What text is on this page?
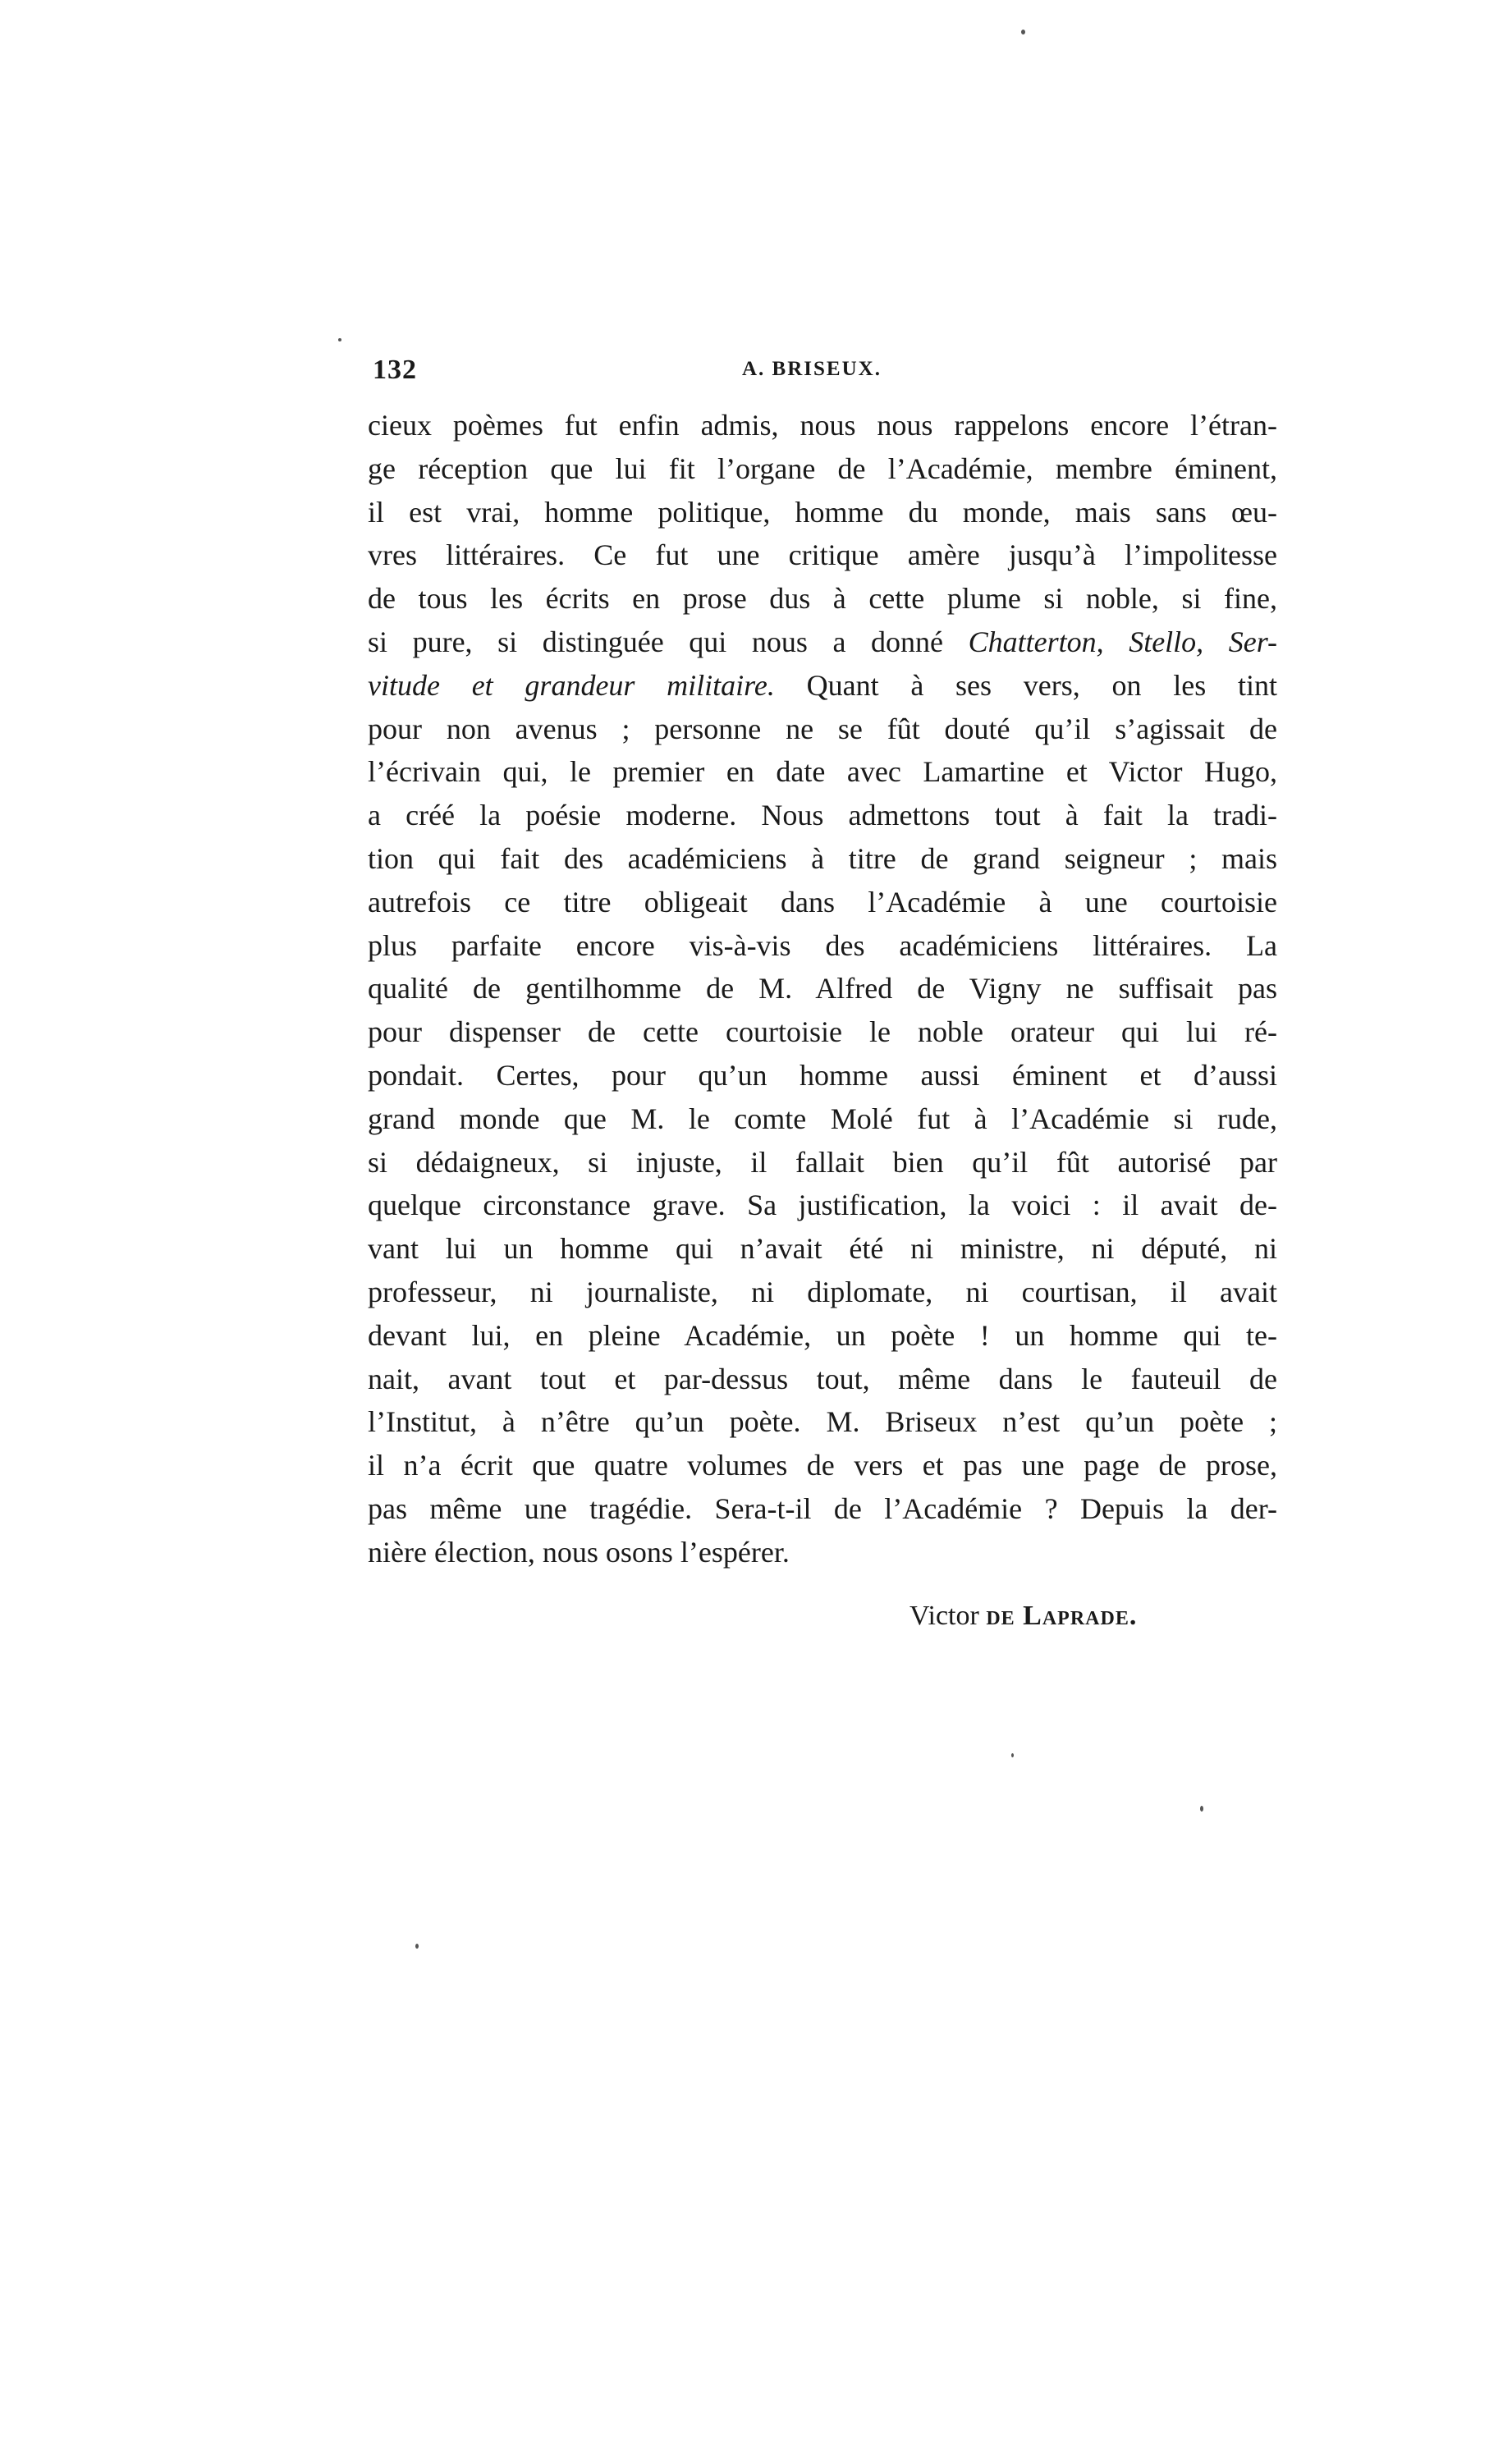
132	A. BRISEUX.
cieux poèmes fut enfin admis, nous nous rappelons encore l’étran-
ge réception que lui fit l’organe de l’Académie, membre éminent,
il est vrai, homme politique, homme du monde, mais sans œu-
vres littéraires. Ce fut une critique amère jusqu’à l’impolitesse
de tous les écrits en prose dus à cette plume si noble, si fine,
si pure, si distinguée qui nous a donné Chatterton, Stello, Ser-
vitude et grandeur militaire. Quant à ses vers, on les tint
pour non avenus ; personne ne se fût douté qu’il s’agissait de
l’écrivain qui, le premier en date avec Lamartine et Victor Hugo,
a créé la poésie moderne. Nous admettons tout à fait la tradi-
tion qui fait des académiciens à titre de grand seigneur ; mais
autrefois ce titre obligeait dans l’Académie à une courtoisie
plus parfaite encore vis-à-vis des académiciens littéraires. La
qualité de gentilhomme de M. Alfred de Vigny ne suffisait pas
pour dispenser de cette courtoisie le noble orateur qui lui ré-
pondait. Certes, pour qu’un homme aussi éminent et d’aussi
grand monde que M. le comte Molé fut à l’Académie si rude,
si dédaigneux, si injuste, il fallait bien qu’il fût autorisé par
quelque circonstance grave. Sa justification, la voici : il avait de-
vant lui un homme qui n’avait été ni ministre, ni député, ni
professeur, ni journaliste, ni diplomate, ni courtisan, il avait
devant lui, en pleine Académie, un poète ! un homme qui te-
nait, avant tout et par-dessus tout, même dans le fauteuil de
l’Institut, à n’être qu’un poète. M. Briseux n’est qu’un poète ;
il n’a écrit que quatre volumes de vers et pas une page de prose,
pas même une tragédie. Sera-t-il de l’Académie ? Depuis la der-
nière élection, nous osons l’espérer.
Victor de Laprade.
